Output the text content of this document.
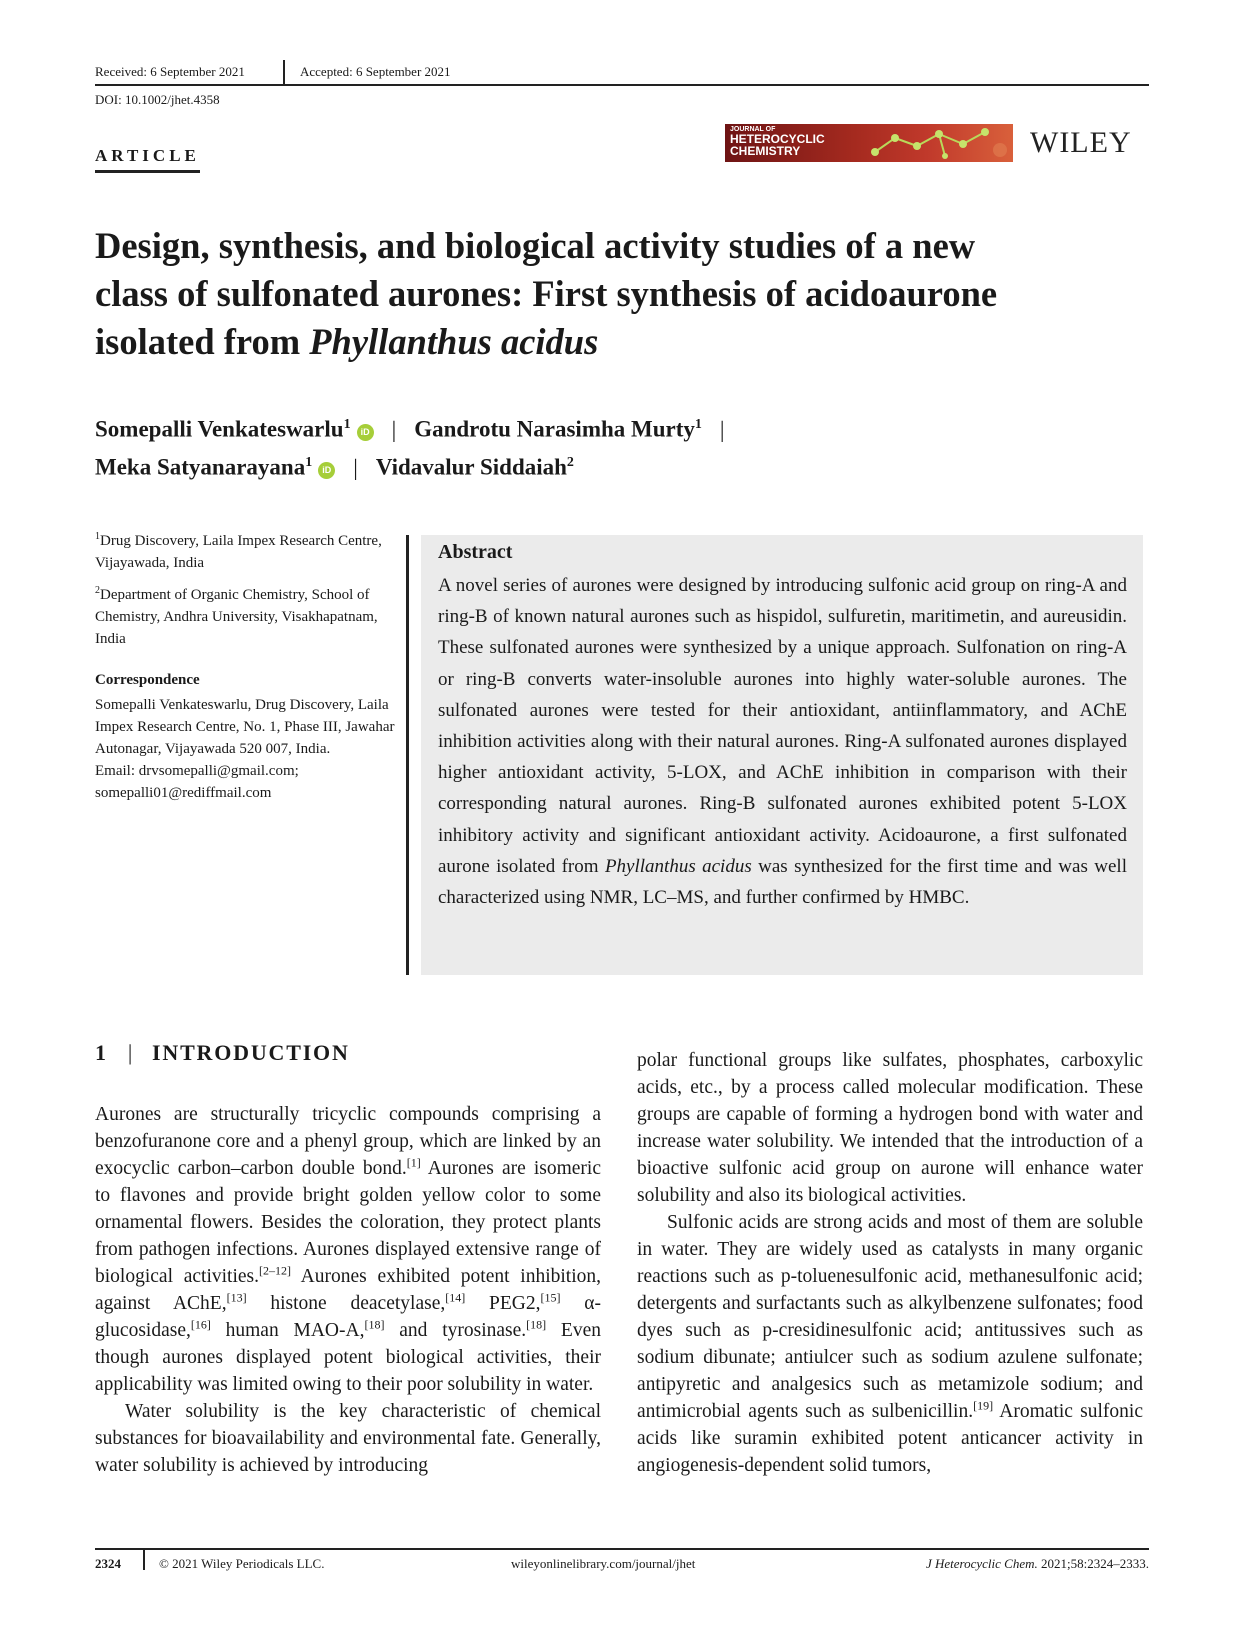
Received: 6 September 2021	Accepted: 6 September 2021
DOI: 10.1002/jhet.4358
ARTICLE
JOURNAL OF
HETEROCYCLIC
CHEMISTRY	WILEY
Design, synthesis, and biological activity studies of a new
class of sulfonated aurones: First synthesis of acidoaurone
isolated from Phyllanthus acidus
Somepalli Venkateswarlu$^1$ iD | Gandrotu Narasimha Murty$^1$ |
Meka Satyanarayana$^1$ iD | Vidavalur Siddaiah$^2$
$^1$Drug Discovery, Laila Impex Research Centre, Vijayawada, India
$^2$Department of Organic Chemistry, School of Chemistry, Andhra University, Visakhapatnam, India
Correspondence
Somepalli Venkateswarlu, Drug Discovery, Laila Impex Research Centre, No. 1, Phase III, Jawahar Autonagar, Vijayawada 520 007, India.
Email: drvsomepalli@gmail.com;
somepalli01@rediffmail.com
Abstract

A novel series of aurones were designed by introducing sulfonic acid group on ring-A and ring-B of known natural aurones such as hispidol, sulfuretin, maritimetin, and aureusidin. These sulfonated aurones were synthesized by a unique approach. Sulfonation on ring-A or ring-B converts water-insoluble aurones into highly water-soluble aurones. The sulfonated aurones were tested for their antioxidant, antiinflammatory, and AChE inhibition activities along with their natural aurones. Ring-A sulfonated aurones displayed higher antioxidant activity, 5-LOX, and AChE inhibition in comparison with their corresponding natural aurones. Ring-B sulfonated aurones exhibited potent 5-LOX inhibitory activity and significant antioxidant activity. Acidoaurone, a first sulfonated aurone isolated from Phyllanthus acidus was synthesized for the first time and was well characterized using NMR, LC–MS, and further confirmed by HMBC.

1 | INTRODUCTION

Aurones are structurally tricyclic compounds comprising a benzofuranone core and a phenyl group, which are linked by an exocyclic carbon–carbon double bond.[1] Aurones are isomeric to flavones and provide bright golden yellow color to some ornamental flowers. Besides the coloration, they protect plants from pathogen infections. Aurones displayed extensive range of biological activities.[2–12] Aurones exhibited potent inhibition, against AChE,[13] histone deacetylase,[14] PEG2,[15] α-glucosidase,[16] human MAO-A,[18] and tyrosinase.[18] Even though aurones displayed potent biological activities, their applicability was limited owing to their poor solubility in water.

Water solubility is the key characteristic of chemical substances for bioavailability and environmental fate. Generally, water solubility is achieved by introducing

polar functional groups like sulfates, phosphates, carboxylic acids, etc., by a process called molecular modification. These groups are capable of forming a hydrogen bond with water and increase water solubility. We intended that the introduction of a bioactive sulfonic acid group on aurone will enhance water solubility and also its biological activities.

Sulfonic acids are strong acids and most of them are soluble in water. They are widely used as catalysts in many organic reactions such as p-toluenesulfonic acid, methanesulfonic acid; detergents and surfactants such as alkylbenzene sulfonates; food dyes such as p-cresidinesulfonic acid; antitussives such as sodium dibunate; antiulcer such as sodium azulene sulfonate; antipyretic and analgesics such as metamizole sodium; and antimicrobial agents such as sulbenicillin.[19] Aromatic sulfonic acids like suramin exhibited potent anticancer activity in angiogenesis-dependent solid tumors,

2324	© 2021 Wiley Periodicals LLC.	wileyonlinelibrary.com/journal/jhet	J Heterocyclic Chem. 2021;58:2324–2333.
